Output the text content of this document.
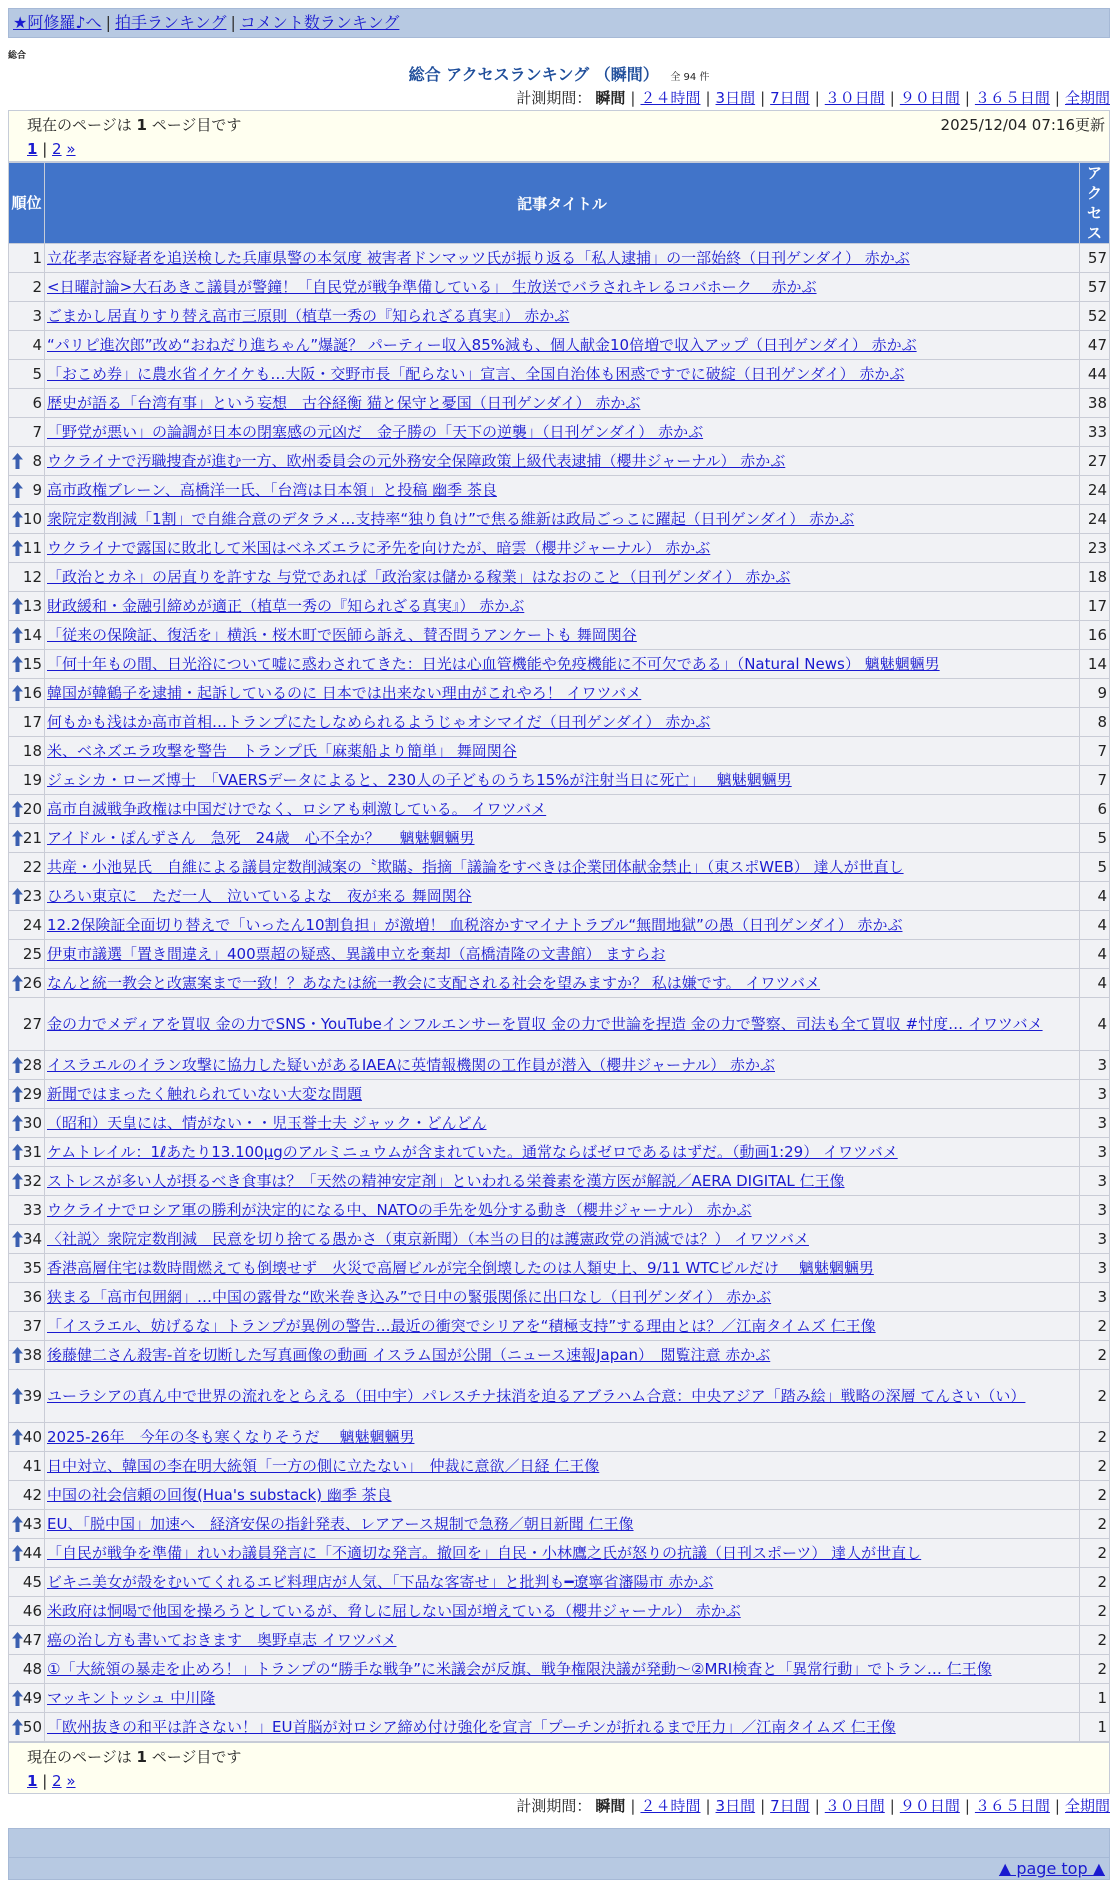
★阿修羅♪へ | 拍手ランキング | コメント数ランキング
総合
総合 アクセスランキング （瞬間） 全 94 件
計測期間： 瞬間 | ２４時間 | 3日間 | 7日間 | ３０日間 | ９０日間 | ３６５日間 | 全期間
現在のページは 1 ページ目です	2025/12/04 07:16更新
1 | 2 »
順位	記事タイトル	アクセス
1	立花孝志容疑者を追送検した兵庫県警の本気度 被害者ドンマッツ氏が振り返る「私人逮捕」の一部始終（日刊ゲンダイ） 赤かぶ	57
2	<日曜討論>大石あきこ議員が警鐘！「自民党が戦争準備している」 生放送でバラされキレるコバホーク　 赤かぶ	57
3	ごまかし居直りすり替え高市三原則（植草一秀の『知られざる真実』） 赤かぶ	52
4	“パリピ進次郎”改め“おねだり進ちゃん”爆誕？ パーティー収入85%減も、個人献金10倍増で収入アップ（日刊ゲンダイ） 赤かぶ	47
5	「おこめ券」に農水省イケイケも…大阪・交野市長「配らない」宣言、全国自治体も困惑ですでに破綻（日刊ゲンダイ） 赤かぶ	44
6	歴史が語る「台湾有事」という妄想　古谷経衡 猫と保守と憂国（日刊ゲンダイ） 赤かぶ	38
7	「野党が悪い」の論調が日本の閉塞感の元凶だ　金子勝の「天下の逆襲」（日刊ゲンダイ） 赤かぶ	33

8	ウクライナで汚職捜査が進む一方、欧州委員会の元外務安全保障政策上級代表逮捕（櫻井ジャーナル） 赤かぶ	27

9	高市政権ブレーン、高橋洋一氏、「台湾は日本領」と投稿 幽季 茶良	24

10	衆院定数削減「1割」で自維合意のデタラメ…支持率“独り負け”で焦る維新は政局ごっこに躍起（日刊ゲンダイ） 赤かぶ	24

11	ウクライナで露国に敗北して米国はベネズエラに矛先を向けたが、暗雲（櫻井ジャーナル） 赤かぶ	23
12	「政治とカネ」の居直りを許すな 与党であれば「政治家は儲かる稼業」はなおのこと（日刊ゲンダイ） 赤かぶ	18

13	財政緩和・金融引締めが適正（植草一秀の『知られざる真実』） 赤かぶ	17

14	「従来の保険証、復活を」横浜・桜木町で医師ら訴え、賛否問うアンケートも 舞岡関谷	16

15	「何十年もの間、日光浴について嘘に惑わされてきた：日光は心血管機能や免疫機能に不可欠である」（Natural News） 魑魅魍魎男	14

16	韓国が韓鶴子を逮捕・起訴しているのに 日本では出来ない理由がこれやろ！ イワツバメ	9
17	何もかも浅はか高市首相…トランプにたしなめられるようじゃオシマイだ（日刊ゲンダイ） 赤かぶ	8
18	米、ベネズエラ攻撃を警告　トランプ氏「麻薬船より簡単」 舞岡関谷	7
19	ジェシカ・ローズ博士　「VAERSデータによると、230人の子どものうち15%が注射当日に死亡」　 魑魅魍魎男	7

20	高市自滅戦争政権は中国だけでなく、ロシアも刺激している。 イワツバメ	6

21	アイドル・ぽんずさん　急死　24歳　心不全か？　 魑魅魍魎男	5
22	共産・小池晃氏　自維による議員定数削減案の〝欺瞞〟指摘「議論をすべきは企業団体献金禁止」（東スポWEB） 達人が世直し	5

23	ひろい東京に　ただ一人　泣いているよな　夜が来る 舞岡関谷	4
24	12.2保険証全面切り替えで「いったん10割負担」が激増！ 血税溶かすマイナトラブル“無間地獄”の愚（日刊ゲンダイ） 赤かぶ	4
25	伊東市議選「置き間違え」400票超の疑惑、異議申立を棄却（高橋清隆の文書館） ますらお	4

26	なんと統一教会と改憲案まで一致！？あなたは統一教会に支配される社会を望みますか？ 私は嫌です。 イワツバメ	4
27	金の力でメディアを買収 金の力でSNS・YouTubeインフルエンサーを買収 金の力で世論を捏造 金の力で警察、司法も全て買収 #忖度… イワツバメ	4

28	イスラエルのイラン攻撃に協力した疑いがあるIAEAに英情報機関の工作員が潜入（櫻井ジャーナル） 赤かぶ	3

29	新聞ではまったく触れられていない大変な問題	3

30	（昭和）天皇には、情がない・・児玉誉士夫 ジャック・どんどん	3

31	ケムトレイル：1ℓあたり13.100μgのアルミニュウムが含まれていた。通常ならばゼロであるはずだ。（動画1:29） イワツバメ	3

32	ストレスが多い人が摂るべき食事は？「天然の精神安定剤」といわれる栄養素を漢方医が解説／AERA DIGITAL 仁王像	3
33	ウクライナでロシア軍の勝利が決定的になる中、NATOの手先を処分する動き（櫻井ジャーナル） 赤かぶ	3

34	〈社説〉衆院定数削減　民意を切り捨てる愚かさ（東京新聞）（本当の目的は護憲政党の消滅では？） イワツバメ	3
35	香港高層住宅は数時間燃えても倒壊せず　火災で高層ビルが完全倒壊したのは人類史上、9/11 WTCビルだけ　 魑魅魍魎男	3
36	狭まる「高市包囲網」…中国の露骨な“欧米巻き込み”で日中の緊張関係に出口なし（日刊ゲンダイ） 赤かぶ	3
37	「イスラエル、妨げるな」トランプが異例の警告…最近の衝突でシリアを“積極支持”する理由とは？／江南タイムズ 仁王像	2

38	後藤健二さん殺害-首を切断した写真画像の動画 イスラム国が公開（ニュース速報Japan）　閲覧注意 赤かぶ	2

39	ユーラシアの真ん中で世界の流れをとらえる（田中宇）パレスチナ抹消を迫るアブラハム合意：中央アジア「踏み絵」戦略の深層 てんさい（い）	2

40	2025-26年　今年の冬も寒くなりそうだ　 魑魅魍魎男	2
41	日中対立、韓国の李在明大統領「一方の側に立たない」　仲裁に意欲／日経 仁王像	2
42	中国の社会信頼の回復(Hua's substack) 幽季 茶良	2

43	EU、「脱中国」加速へ　経済安保の指針発表、レアアース規制で急務／朝日新聞 仁王像	2

44	「自民が戦争を準備」れいわ議員発言に「不適切な発言。撤回を」自民・小林鷹之氏が怒りの抗議（日刊スポーツ） 達人が世直し	2
45	ビキニ美女が殻をむいてくれるエビ料理店が人気、「下品な客寄せ」と批判も━遼寧省瀋陽市 赤かぶ	2
46	米政府は恫喝で他国を操ろうとしているが、脅しに屈しない国が増えている（櫻井ジャーナル） 赤かぶ	2

47	癌の治し方も書いておきます　奥野卓志 イワツバメ	2
48	①「大統領の暴走を止めろ！」トランプの“勝手な戦争”に米議会が反旗、戦争権限決議が発動～②MRI検査と「異常行動」でトラン… 仁王像	2

49	マッキントッシュ 中川隆	1

50	「欧州抜きの和平は許さない！」EU首脳が対ロシア締め付け強化を宣言「プーチンが折れるまで圧力」／江南タイムズ 仁王像	1
現在のページは 1 ページ目です
1 | 2 »
計測期間： 瞬間 | ２４時間 | 3日間 | 7日間 | ３０日間 | ９０日間 | ３６５日間 | 全期間
▲ page top ▲
